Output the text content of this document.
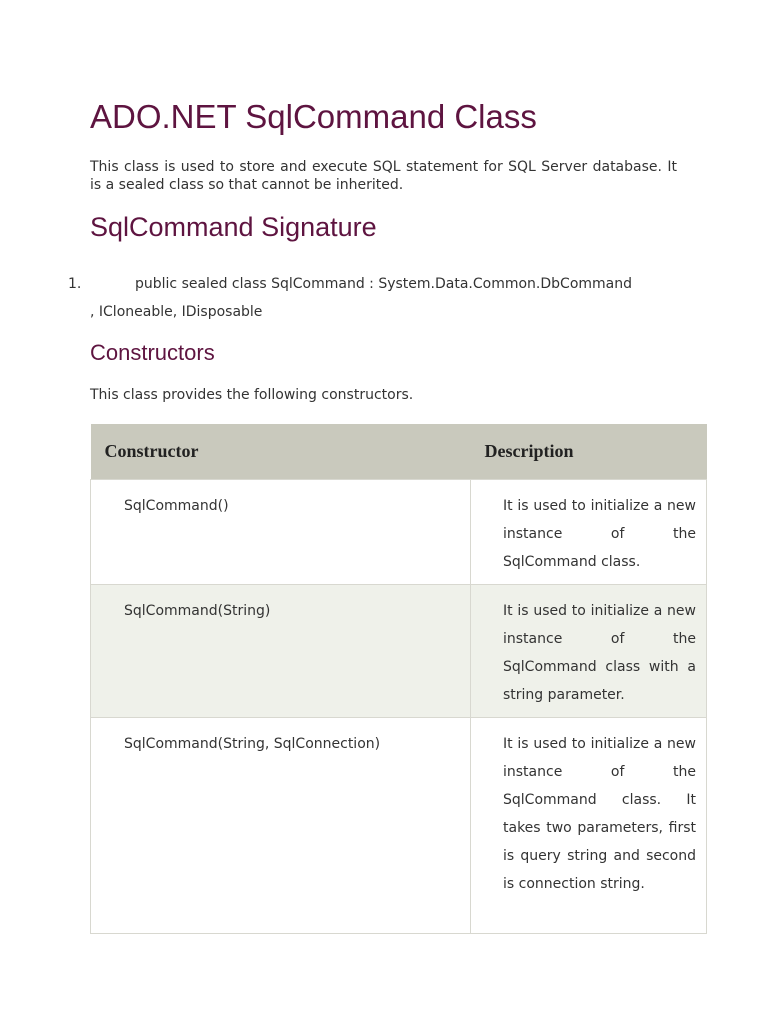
ADO.NET SqlCommand Class

This class is used to store and execute SQL statement for SQL Server database. It is a sealed class so that cannot be inherited.

SqlCommand Signature
1.	public sealed class SqlCommand : System.Data.Common.DbCommand
, ICloneable, IDisposable
Constructors

This class provides the following constructors.

Constructor	Description
SqlCommand()	It is used to initialize a new instance of the SqlCommand class.
SqlCommand(String)	It is used to initialize a new instance of the SqlCommand class with a string parameter.
SqlCommand(String, SqlConnection)	It is used to initialize a new instance of the SqlCommand class. It takes two parameters, first is query string and second is connection string.
